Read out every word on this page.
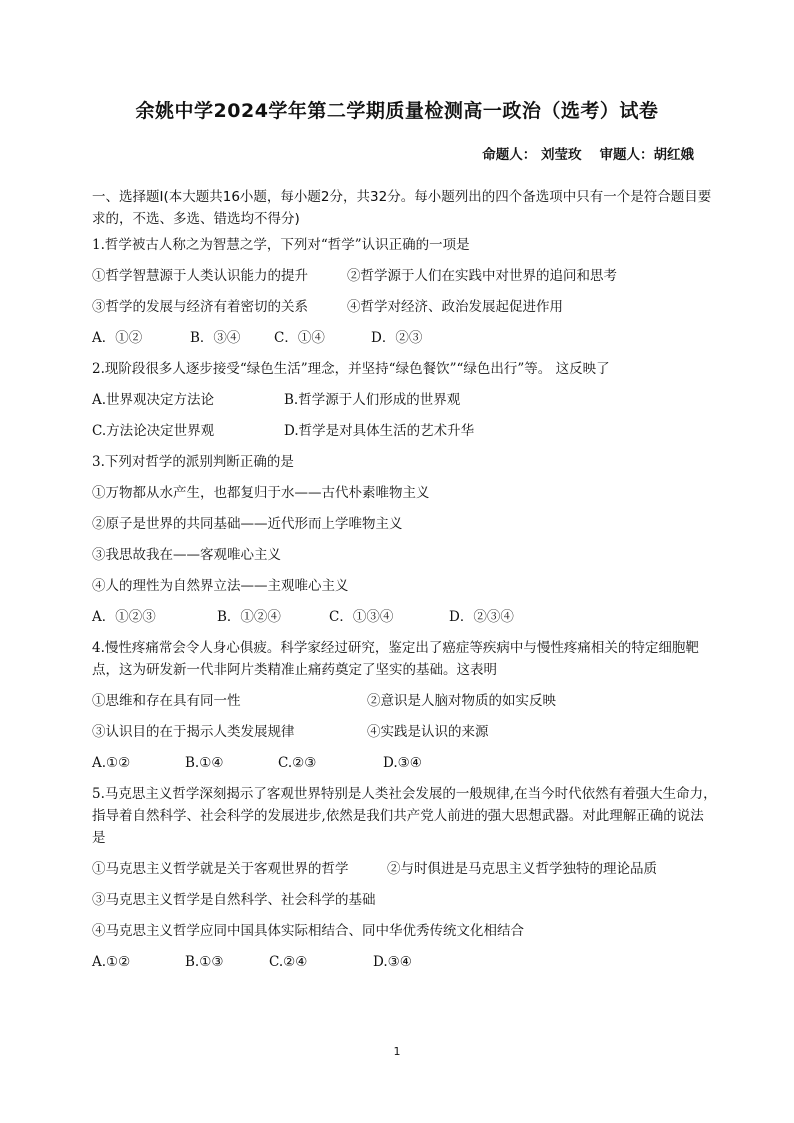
余姚中学2024学年第二学期质量检测高一政治（选考）试卷
命题人： 刘莹玫 审题人：胡红娥
一、选择题Ⅰ(本大题共16小题，每小题2分，共32分。每小题列出的四个备选项中只有一个是符合题目要求的，不选、多选、错选均不得分)
1.哲学被古人称之为智慧之学，下列对“哲学”认识正确的一项是
①哲学智慧源于人类认识能力的提升	②哲学源于人们在实践中对世界的追问和思考
③哲学的发展与经济有着密切的关系	④哲学对经济、政治发展起促进作用
A．①②	B．③④ C．①④	D．②③
2.现阶段很多人逐步接受“绿色生活”理念，并坚持“绿色餐饮”“绿色出行”等。 这反映了
A.世界观决定方法论	B.哲学源于人们形成的世界观
C.方法论决定世界观	D.哲学是对具体生活的艺术升华
3.下列对哲学的派别判断正确的是
①万物都从水产生，也都复归于水——古代朴素唯物主义
②原子是世界的共同基础——近代形而上学唯物主义
③我思故我在——客观唯心主义
④人的理性为自然界立法——主观唯心主义
A．①②③	B．①②④	C．①③④	D．②③④
4.慢性疼痛常会令人身心俱疲。科学家经过研究，鉴定出了癌症等疾病中与慢性疼痛相关的特定细胞靶点，这为研发新一代非阿片类精准止痛药奠定了坚实的基础。这表明
①思维和存在具有同一性	②意识是人脑对物质的如实反映
③认识目的在于揭示人类发展规律	④实践是认识的来源
A.①②	B.①④	C.②③	D.③④
5.马克思主义哲学深刻揭示了客观世界特别是人类社会发展的一般规律,在当今时代依然有着强大生命力，指导着自然科学、社会科学的发展进步,依然是我们共产党人前进的强大思想武器。对此理解正确的说法是
①马克思主义哲学就是关于客观世界的哲学	②与时俱进是马克思主义哲学独特的理论品质
③马克思主义哲学是自然科学、社会科学的基础
④马克思主义哲学应同中国具体实际相结合、同中华优秀传统文化相结合
A.①②	B.①③	C.②④	D.③④
1
